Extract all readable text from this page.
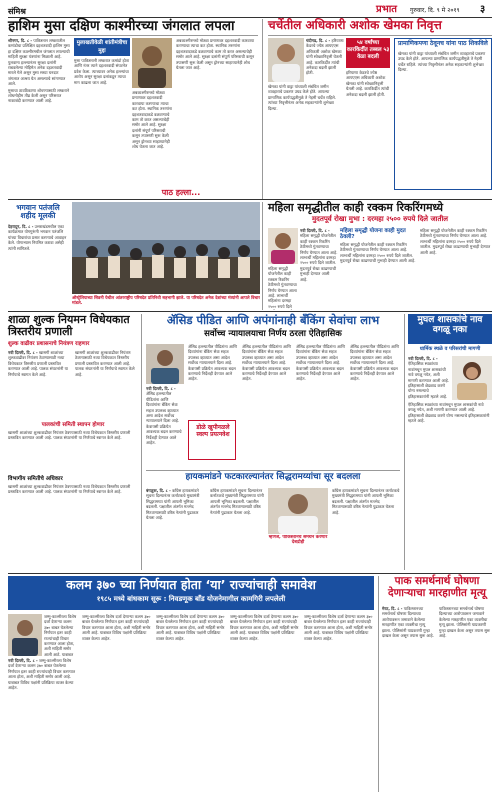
संमिश्र	प्रभात गुरुवार, दि. ९ मे २०१९ ३
हाशिम मुसा दक्षिण काश्मीरच्या जंगलात लपला

श्रीनगर, दि. ८ - पाकिस्तान लष्करातील कमांडोचा प्रशिक्षित दहशतवादी हाशिम मुसा हा दक्षिण काश्मीरमधील जंगलात लपल्याची माहिती सुरक्षा यंत्रणांना मिळाली आहे. पुलवामा हल्ल्यानंतर सुरक्षा दलांनी राबवलेल्या मोहिमेत अनेक दहशतवादी मारले गेले असून मुसा सध्या घनदाट जंगलात आश्रय घेत असल्याचे सांगण्यात आले.

मुसाचा ठावठिकाणा शोधण्यासाठी लष्कराने शोधमोहीम तीव्र केली असून परिसरात नाकाबंदी करण्यात आली आहे.

मुलाखतीवेळी शांतीमंत्रीचा मुद्दा
मुसा पाकिस्तानी लष्करात कमांडो होता आणि नंतर त्याने दहशतवादी संघटनेत प्रवेश केला. त्याच्यावर अनेक हल्ल्यांचा आरोप असून सुरक्षा दलांकडून त्याचा माग काढला जात आहे.
अबकाश्मीरमध्ये मोठ्या प्रमाणावर दहशतवादी कारवाया करण्याचा त्याचा कट होता. स्थानिक तरुणांना दहशतवादाकडे वळवण्याचे काम तो करत असल्याचेही समोर आले आहे. सुरक्षा दलांनी संपूर्ण परिसराची कसून तपासणी सुरू केली असून ड्रोनच्या साहाय्यानेही शोध घेतला जात आहे.
अबकाश्मीरमध्ये मोठ्या प्रमाणावर दहशतवादी कारवाया करण्याचा त्याचा कट होता. स्थानिक तरुणांना दहशतवादाकडे वळवण्याचे काम तो करत असल्याचेही समोर आले आहे. सुरक्षा दलांनी संपूर्ण परिसराची कसून तपासणी सुरू केली असून ड्रोनच्या साहाय्यानेही शोध घेतला जात आहे.
चर्चेतील अधिकारी अशोक खेमका निवृत्त

चंदीगड, दि. ८ - हरियाणा केडरचे ज्येष्ठ आयएएस अधिकारी अशोक खेमका यांनी स्वेच्छानिवृत्ती घेतली आहे. कारकिर्दीत त्यांची अनेकदा बदली झाली होती.

५४ वर्षांच्या कारकिर्दीत तब्बल ५३ वेळा बदली
हरियाणा केडरचे ज्येष्ठ आयएएस अधिकारी अशोक खेमका यांनी स्वेच्छानिवृत्ती घेतली आहे. कारकिर्दीत त्यांची अनेकदा बदली झाली होती.
खेमका यांनी वाड्रा यांच्याशी संबंधित जमीन व्यवहाराचे प्रकरण उघड केले होते. आपल्या प्रामाणिक कार्यपद्धतीमुळे ते नेहमी चर्चेत राहिले. त्यांच्या निवृत्तीनंतर अनेक सहकाऱ्यांनी शुभेच्छा दिल्या.
प्रामाणिकपणा ठेवूनच यांना पाठ शिकविले
खेमका यांनी वाड्रा यांच्याशी संबंधित जमीन व्यवहाराचे प्रकरण उघड केले होते. आपल्या प्रामाणिक कार्यपद्धतीमुळे ते नेहमी चर्चेत राहिले. त्यांच्या निवृत्तीनंतर अनेक सहकाऱ्यांनी शुभेच्छा दिल्या.
पाठ हल्ला...
भगवान पतंजलि शहीद मूलकी

देहरादून, दि. ८ - उत्तराखंडमधील एका कार्यक्रमात योगगुरूंनी भगवान पतंजलि यांच्या विचारांचा प्रसार करण्याचे आवाहन केले. योगाभ्यास नियमित करावा असेही त्यांनी सांगितले.

ऑस्ट्रेलियाच्या सिडनी येथील आंतरराष्ट्रीय परिषदेत प्रतिनिधी सहभागी झाले. या परिषदेत अनेक देशांच्या मंत्र्यांनी आपले विचार मांडले.
महिला समृद्धीतील काही रक्कम रिकरिंगमध्ये
मुदतपूर्व रोखा मुभा : दरमहा २५०० रुपये दिले जातील

नवी दिल्ली, दि. ८ - महिला समृद्धी योजनेतील काही रक्कम रिकरिंग ठेवीमध्ये गुंतवण्याचा निर्णय घेण्यात आला आहे. लाभार्थी महिलांना दरमहा २५०० रुपये दिले जातील. मुदतपूर्व रोखा काढण्याची मुभाही देण्यात आली आहे.

महिला समृद्धी योजना काही मुदत ठेवली?
महिला समृद्धी योजनेतील काही रक्कम रिकरिंग ठेवीमध्ये गुंतवण्याचा निर्णय घेण्यात आला आहे. लाभार्थी महिलांना दरमहा २५०० रुपये दिले जातील. मुदतपूर्व रोखा काढण्याची मुभाही देण्यात आली आहे.
महिला समृद्धी योजनेतील काही रक्कम रिकरिंग ठेवीमध्ये गुंतवण्याचा निर्णय घेण्यात आला आहे. लाभार्थी महिलांना दरमहा २५०० रुपये दिले जातील. मुदतपूर्व रोखा काढण्याची मुभाही देण्यात आली आहे.
महिला समृद्धी योजनेतील काही रक्कम रिकरिंग ठेवीमध्ये गुंतवण्याचा निर्णय घेण्यात आला आहे. लाभार्थी महिलांना दरमहा २५०० रुपये दिले
शाळा शुल्क नियमन विधेयकात त्रिस्तरीय प्रणाली
शुल्क वाढीवर प्रशासनाचे नियंत्रण राहणार

नवी दिल्ली, दि. ८ - खासगी शाळांच्या शुल्कवाढीवर नियंत्रण ठेवण्यासाठी नव्या विधेयकात त्रिस्तरीय प्रणाली प्रस्तावित करण्यात आली आहे. पालक संघटनांनी या निर्णयाचे स्वागत केले आहे.

खासगी शाळांच्या शुल्कवाढीवर नियंत्रण ठेवण्यासाठी नव्या विधेयकात त्रिस्तरीय प्रणाली प्रस्तावित करण्यात आली आहे. पालक संघटनांनी या निर्णयाचे स्वागत केले आहे.
पालकांची समिती स्थापन होणार
खासगी शाळांच्या शुल्कवाढीवर नियंत्रण ठेवण्यासाठी नव्या विधेयकात त्रिस्तरीय प्रणाली प्रस्तावित करण्यात आली आहे. पालक संघटनांनी या निर्णयाचे स्वागत केले आहे.
विभागीय समितीचे अधिकार
खासगी शाळांच्या शुल्कवाढीवर नियंत्रण ठेवण्यासाठी नव्या विधेयकात त्रिस्तरीय प्रणाली प्रस्तावित करण्यात आली आहे. पालक संघटनांनी या निर्णयाचे स्वागत केले आहे.
ॲसिड पीडित आणि अपंगांनाही बँकिंग सेवांचा लाभ
सर्वोच्च न्यायालयाचा निर्णय ठरला ऐतिहासिक

नवी दिल्ली, दि. ८ - ॲसिड हल्ल्यातील पीडितांना आणि दिव्यांगांना बँकिंग सेवा सहज उपलब्ध व्हाव्यात असा आदेश सर्वोच्च न्यायालयाने दिला आहे. केवायसी प्रक्रियेत आवश्यक बदल करण्याचे निर्देशही देण्यात आले आहेत.

ॲसिड हल्ल्यातील पीडितांना आणि दिव्यांगांना बँकिंग सेवा सहज उपलब्ध व्हाव्यात असा आदेश सर्वोच्च न्यायालयाने दिला आहे. केवायसी प्रक्रियेत आवश्यक बदल करण्याचे निर्देशही देण्यात आले आहेत.
ॲसिड हल्ल्यातील पीडितांना आणि दिव्यांगांना बँकिंग सेवा सहज उपलब्ध व्हाव्यात असा आदेश सर्वोच्च न्यायालयाने दिला आहे. केवायसी प्रक्रियेत आवश्यक बदल करण्याचे निर्देशही देण्यात आले आहेत.
ॲसिड हल्ल्यातील पीडितांना आणि दिव्यांगांना बँकिंग सेवा सहज उपलब्ध व्हाव्यात असा आदेश सर्वोच्च न्यायालयाने दिला आहे. केवायसी प्रक्रियेत आवश्यक बदल करण्याचे निर्देशही देण्यात आले आहेत.
ॲसिड हल्ल्यातील पीडितांना आणि दिव्यांगांना बँकिंग सेवा सहज उपलब्ध व्हाव्यात असा आदेश सर्वोच्च न्यायालयाने दिला आहे. केवायसी प्रक्रियेत आवश्यक बदल करण्याचे निर्देशही देण्यात आले आहेत.
डोळे खुपीनळले स्वल्प प्रयत्नवेश
मुघल शासकांचे नाव वगळू नका
धार्मिक स्थळे व परिसरांची मागणी

नवी दिल्ली, दि. ८ - ऐतिहासिक स्थळांच्या नावांमधून मुघल शासकांची नावे वगळू नयेत, अशी मागणी करण्यात आली आहे. इतिहासाशी छेडछाड करणे योग्य नसल्याचे इतिहासकारांनी म्हटले आहे.

ऐतिहासिक स्थळांच्या नावांमधून मुघल शासकांची नावे वगळू नयेत, अशी मागणी करण्यात आली आहे. इतिहासाशी छेडछाड करणे योग्य नसल्याचे इतिहासकारांनी म्हटले आहे.
हायकमांडने फटकारल्यानंतर सिद्धरामय्यांचा सूर बदलला

बंगळुरू, दि. ८ - काँग्रेस हायकमांडने सूचना दिल्यानंतर कर्नाटकचे मुख्यमंत्री सिद्धरामय्या यांनी आपली भूमिका बदलली. पक्षातील अंतर्गत मतभेद मिटवण्यासाठी वरिष्ठ नेत्यांनी पुढाकार घेतला आहे.

काँग्रेस हायकमांडने सूचना दिल्यानंतर कर्नाटकचे मुख्यमंत्री सिद्धरामय्या यांनी आपली भूमिका बदलली. पक्षातील अंतर्गत मतभेद मिटवण्यासाठी वरिष्ठ नेत्यांनी पुढाकार घेतला आहे.
म्हणजे, पाकिस्तानचे समर्थन करणारे देशद्रोही
काँग्रेस हायकमांडने सूचना दिल्यानंतर कर्नाटकचे मुख्यमंत्री सिद्धरामय्या यांनी आपली भूमिका बदलली. पक्षातील अंतर्गत मतभेद मिटवण्यासाठी वरिष्ठ नेत्यांनी पुढाकार घेतला आहे.
कलम ३७० च्या निर्णयात होता ‘या’ राज्यांचाही समावेश
१९८५ मध्ये बांधकाम सूरू : निवडणूक बाँड योजनेमागील कामगिरी लपलेली

नवी दिल्ली, दि. ८ - जम्मू-काश्मीरला विशेष दर्जा देणाऱ्या कलम ३७० बाबत घेतलेल्या निर्णयात इतर काही राज्यांचाही विचार करण्यात आला होता, अशी माहिती समोर आली आहे. याबाबत विविध पक्षांनी प्रतिक्रिया व्यक्त केल्या आहेत.

जम्मू-काश्मीरला विशेष दर्जा देणाऱ्या कलम ३७० बाबत घेतलेल्या निर्णयात इतर काही राज्यांचाही विचार करण्यात आला होता, अशी माहिती समोर आली आहे. याबाबत
जम्मू-काश्मीरला विशेष दर्जा देणाऱ्या कलम ३७० बाबत घेतलेल्या निर्णयात इतर काही राज्यांचाही विचार करण्यात आला होता, अशी माहिती समोर आली आहे. याबाबत विविध पक्षांनी प्रतिक्रिया व्यक्त केल्या आहेत.
जम्मू-काश्मीरला विशेष दर्जा देणाऱ्या कलम ३७० बाबत घेतलेल्या निर्णयात इतर काही राज्यांचाही विचार करण्यात आला होता, अशी माहिती समोर आली आहे. याबाबत विविध पक्षांनी प्रतिक्रिया व्यक्त केल्या आहेत.
जम्मू-काश्मीरला विशेष दर्जा देणाऱ्या कलम ३७० बाबत घेतलेल्या निर्णयात इतर काही राज्यांचाही विचार करण्यात आला होता, अशी माहिती समोर आली आहे. याबाबत विविध पक्षांनी प्रतिक्रिया व्यक्त केल्या आहेत.
जम्मू-काश्मीरला विशेष दर्जा देणाऱ्या कलम ३७० बाबत घेतलेल्या निर्णयात इतर काही राज्यांचाही विचार करण्यात आला होता, अशी माहिती समोर आली आहे. याबाबत विविध पक्षांनी प्रतिक्रिया व्यक्त केल्या आहेत.
पाक समर्थनार्थ घोषणा देणाऱ्याचा मारहाणीत मृत्यू

मेरठ, दि. ८ - पाकिस्तानच्या समर्थनार्थ घोषणा दिल्याच्या आरोपावरून जमावाने केलेल्या मारहाणीत एका व्यक्तीचा मृत्यू झाला. पोलिसांनी याप्रकरणी गुन्हा दाखल केला असून तपास सुरू आहे.

पाकिस्तानच्या समर्थनार्थ घोषणा दिल्याच्या आरोपावरून जमावाने केलेल्या मारहाणीत एका व्यक्तीचा मृत्यू झाला. पोलिसांनी याप्रकरणी गुन्हा दाखल केला असून तपास सुरू आहे.
